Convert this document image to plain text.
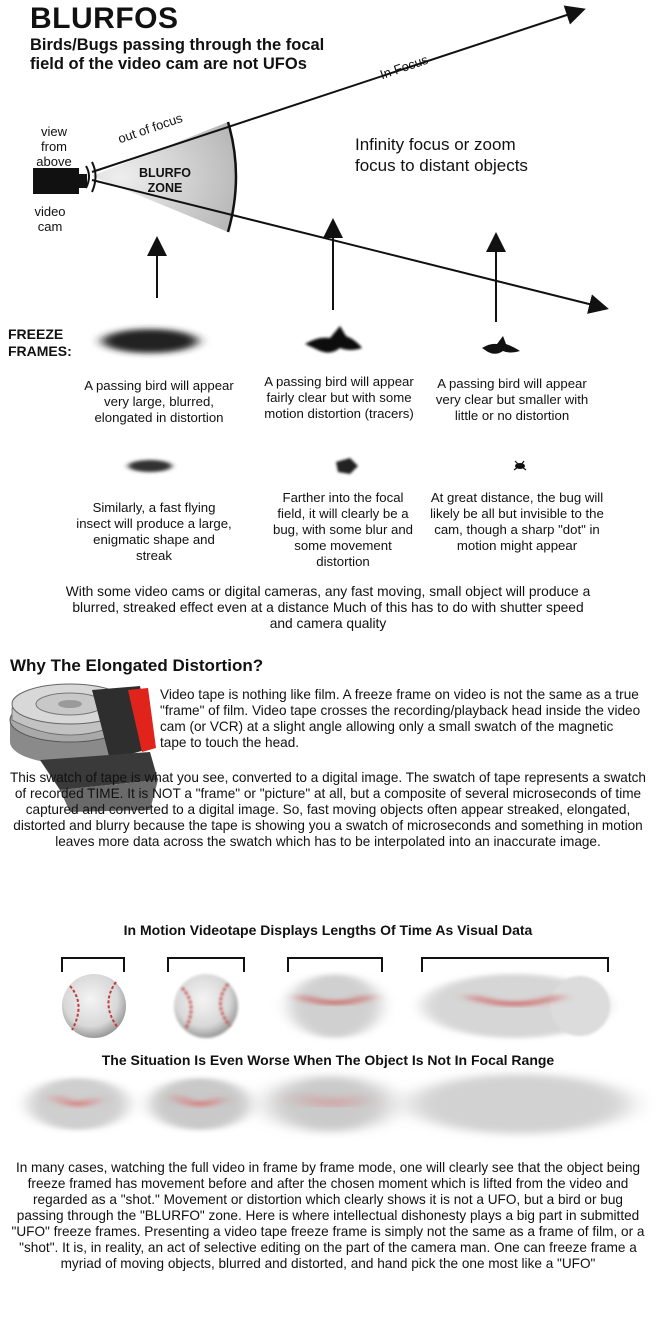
BLURFOS
Birds/Bugs passing through the focal field of the video cam are not UFOs
view from above
video cam
out of focus
In Focus
BLURFO ZONE
Infinity focus or zoom focus to distant objects
FREEZE FRAMES:
A passing bird will appear very large, blurred, elongated in distortion
A passing bird will appear fairly clear but with some motion distortion (tracers)
A passing bird will appear very clear but smaller with little or no distortion
Similarly, a fast flying insect will produce a large, enigmatic shape and streak
Farther into the focal field, it will clearly be a bug, with some blur and some movement distortion
At great distance, the bug will likely be all but invisible to the cam, though a sharp "dot" in motion might appear
With some video cams or digital cameras, any fast moving, small object will produce a blurred, streaked effect even at a distance Much of this has to do with shutter speed and camera quality
Why The Elongated Distortion?
Video tape is nothing like film. A freeze frame on video is not the same as a true "frame" of film. Video tape crosses the recording/playback head inside the video cam (or VCR) at a slight angle allowing only a small swatch of the magnetic tape to touch the head.
This swatch of tape is what you see, converted to a digital image. The swatch of tape represents a swatch of recorded TIME. It is NOT a "frame" or "picture" at all, but a composite of several microseconds of time captured and converted to a digital image. So, fast moving objects often appear streaked, elongated, distorted and blurry because the tape is showing you a swatch of microseconds and something in motion leaves more data across the swatch which has to be interpolated into an inaccurate image.
In Motion Videotape Displays Lengths Of Time As Visual Data
The Situation Is Even Worse When The Object Is Not In Focal Range
In many cases, watching the full video in frame by frame mode, one will clearly see that the object being freeze framed has movement before and after the chosen moment which is lifted from the video and regarded as a "shot." Movement or distortion which clearly shows it is not a UFO, but a bird or bug passing through the "BLURFO" zone. Here is where intellectual dishonesty plays a big part in submitted "UFO" freeze frames. Presenting a video tape freeze frame is simply not the same as a frame of film, or a "shot". It is, in reality, an act of selective editing on the part of the camera man. One can freeze frame a myriad of moving objects, blurred and distorted, and hand pick the one most like a "UFO"
